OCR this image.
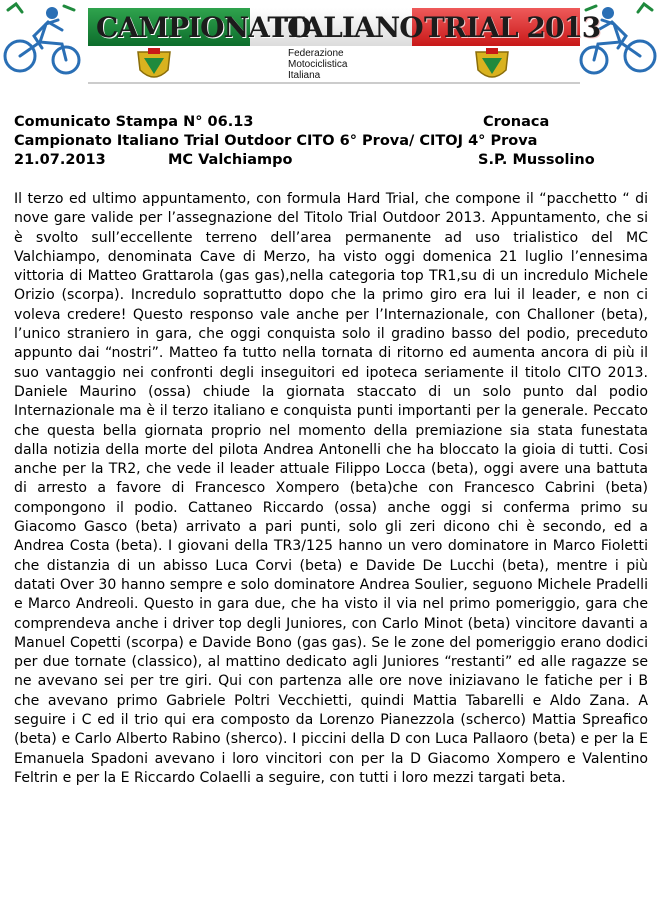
CAMPIONATO
ITALIANO TRIAL 2013
Federazione
Motociclistica
Italiana
Comunicato Stampa N° 06.13	Cronaca
Campionato Italiano Trial Outdoor CITO 6° Prova/ CITOJ 4° Prova
21.07.2013	MC Valchiampo	S.P. Mussolino
Il terzo ed ultimo appuntamento, con formula Hard Trial, che compone il “pacchetto “ di nove gare valide per l’assegnazione del Titolo Trial Outdoor 2013. Appuntamento, che si è svolto sull’eccellente terreno dell’area permanente ad uso trialistico del MC Valchiampo, denominata Cave di Merzo, ha visto oggi domenica 21 luglio l’ennesima vittoria di Matteo Grattarola (gas gas),nella categoria top TR1,su di un incredulo Michele Orizio (scorpa). Incredulo soprattutto dopo che la primo giro era lui il leader, e non ci voleva credere! Questo responso vale anche per l’Internazionale, con Challoner (beta), l’unico straniero in gara, che oggi conquista solo il gradino basso del podio, preceduto appunto dai “nostri”. Matteo fa tutto nella tornata di ritorno ed aumenta ancora di più il suo vantaggio nei confronti degli inseguitori ed ipoteca seriamente il titolo CITO 2013. Daniele Maurino (ossa) chiude la giornata staccato di un solo punto dal podio Internazionale ma è il terzo italiano e conquista punti importanti per la generale. Peccato che questa bella giornata proprio nel momento della premiazione sia stata funestata dalla notizia della morte del pilota Andrea Antonelli che ha bloccato la gioia di tutti. Cosi anche per la TR2, che vede il leader attuale Filippo Locca (beta), oggi avere una battuta di arresto a favore di Francesco Xompero (beta)che con Francesco Cabrini (beta) compongono il podio. Cattaneo Riccardo (ossa) anche oggi si conferma primo su Giacomo Gasco (beta) arrivato a pari punti, solo gli zeri dicono chi è secondo, ed a Andrea Costa (beta). I giovani della TR3/125 hanno un vero dominatore in Marco Fioletti che distanzia di un abisso Luca Corvi (beta) e Davide De Lucchi (beta), mentre i più datati Over 30 hanno sempre e solo dominatore Andrea Soulier, seguono Michele Pradelli e Marco Andreoli. Questo in gara due, che ha visto il via nel primo pomeriggio, gara che comprendeva anche i driver top degli Juniores, con Carlo Minot (beta) vincitore davanti a Manuel Copetti (scorpa) e Davide Bono (gas gas). Se le zone del pomeriggio erano dodici per due tornate (classico), al mattino dedicato agli Juniores “restanti” ed alle ragazze se ne avevano sei per tre giri. Qui con partenza alle ore nove iniziavano le fatiche per i B che avevano primo Gabriele Poltri Vecchietti, quindi Mattia Tabarelli e Aldo Zana. A seguire i C ed il trio qui era composto da Lorenzo Pianezzola (scherco) Mattia Spreafico (beta) e Carlo Alberto Rabino (sherco). I piccini della D con Luca Pallaoro (beta) e per la E Emanuela Spadoni avevano i loro vincitori con per la D Giacomo Xompero e Valentino Feltrin e per la E Riccardo Colaelli a seguire, con tutti i loro mezzi targati beta.
